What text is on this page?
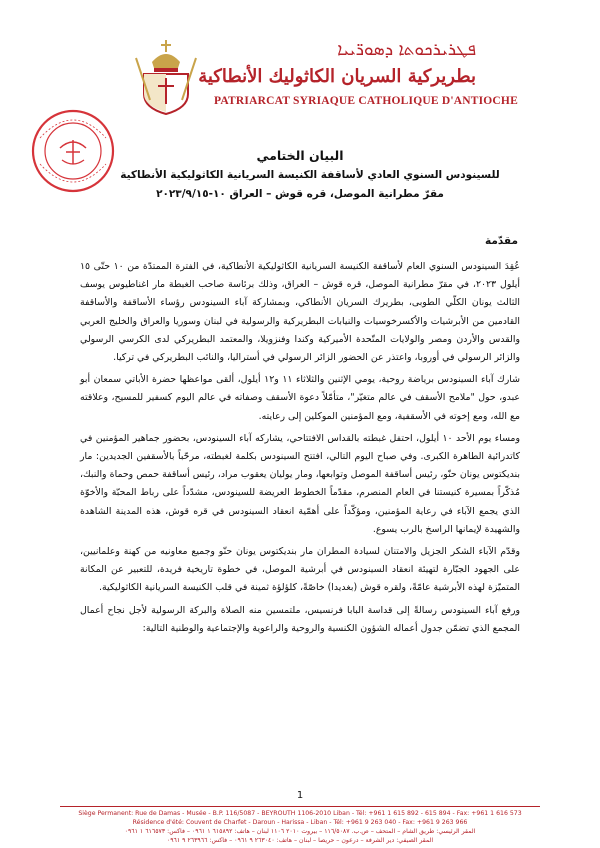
ܦܛܪܝܪܟܘܬܐ ܕܣܘܪ̈ܝܝܐ
بطريركية السريان الكاثوليك الأنطاكية
PATRIARCAT SYRIAQUE CATHOLIQUE D'ANTIOCHE
البيان الختامي
للسينودس السنوي العادي لأساقفة الكنيسة السريانية الكاثوليكية الأنطاكية
مقرّ مطرانية الموصل، قره قوش – العراق ١٠-٢٠٢٣/٩/١٥
مقدّمة

عُقِدَ السينودس السنوي العام لأساقفة الكنيسة السريانية الكاثوليكية الأنطاكية، في الفترة الممتدّة من ١٠ حتّى ١٥ أيلول ٢٠٢٣، في مقرّ مطرانية الموصل، قره قوش – العراق، وذلك برئاسة صاحب الغبطة مار اغناطيوس يوسف الثالث يونان الكلّي الطوبى، بطريرك السريان الأنطاكي، وبمشاركة آباء السينودس رؤساء الأساقفة والأساقفة القادمين من الأبرشيات والأكسرخوسيات والنيابات البطريركية والرسولية في لبنان وسوريا والعراق والخليج العربي والقدس والأردن ومصر والولايات المتّحدة الأميركية وكندا وفنزويلا، والمعتمد البطريركي لدى الكرسي الرسولي والزائر الرسولي في أوروبا، واعتذر عن الحضور الزائر الرسولي في أستراليا، والنائب البطريركي في تركيا.

شارك آباء السينودس برياضة روحية، يومي الإثنين والثلاثاء ١١ و١٢ أيلول، ألقى مواعظها حضرة الأباتي سمعان أبو عبدو، حول "ملامح الأسقف في عالم متغيّر"، متأمّلاً دعوة الأسقف وصفاته في عالم اليوم كسفير للمسيح، وعلاقته مع الله، ومع إخوته في الأسقفية، ومع المؤمنين الموكلين إلى رعايته.

ومساء يوم الأحد ١٠ أيلول، احتفل غبطته بالقداس الافتتاحي، يشاركه آباء السينودس، بحضور جماهير المؤمنين في كاتدرائية الطاهرة الكبرى. وفي صباح اليوم التالي، افتتح السينودس بكلمة لغبطته، مرحّباً بالأسقفين الجديدين: مار بنديكتوس يونان حنّو، رئيس أساقفة الموصل وتوابعها، ومار يوليان يعقوب مراد، رئيس أساقفة حمص وحماة والنبك، مُذكّراً بمسيرة كنيستنا في العام المنصرم، مقدّماً الخطوط العريضة للسينودس، مشدّداً على رباط المحبّة والأخوّة الذي يجمع الآباء في رعاية المؤمنين، ومؤكّداً على أهمّية انعقاد السينودس في قره قوش، هذه المدينة الشاهدة والشهيدة لإيمانها الراسخ بالرب يسوع.

وقدّم الآباء الشكر الجزيل والامتنان لسيادة المطران مار بنديكتوس يونان حنّو وجميع معاونيه من كهنة وعلمانيين، على الجهود الجبّارة لتهيئة انعقاد السينودس في أبرشية الموصل، في خطوة تاريخية فريدة، للتعبير عن المكانة المتميّزة لهذه الأبرشية عامّةً، ولقره قوش (بغديدا) خاصّةً، كلؤلؤة ثمينة في قلب الكنيسة السريانية الكاثوليكية.

ورفع آباء السينودس رسالةً إلى قداسة البابا فرنسيس، ملتمسين منه الصلاة والبركة الرسولية لأجل نجاح أعمال المجمع الذي تضمّن جدول أعماله الشؤون الكنسية والروحية والراعوية والإجتماعية والوطنية التالية:

1
Siège Permanent: Rue de Damas - Musée - B.P. 116/5087 - BEYROUTH 1106-2010 Liban - Tél: +961 1 615 892 - 615 894 - Fax: +961 1 616 573
Résidence d'été: Couvent de Charfet - Daroun - Harissa - Liban - Tél: +961 9 263 040 - Fax: +961 9 263 966
المقر الرئيسي: طريق الشام – المتحف – ص.ب. ١١٦/٥٠٨٧ – بيروت ٢٠١٠ ١١٠٦ لبنان – هاتف: ٦١٥٨٩٢ ١ ٠٩٦١ – فاكس: ٦١٦٥٧٣ ١ ٠٩٦١
المقر الصيفي: دير الشرفة – درعون – حريصا – لبنان – هاتف: ٢٦٣٠٤٠ ٩ ٠٩٦١ – فاكس: ٢٦٣٩٦٦ ٩ ٠٩٦١
